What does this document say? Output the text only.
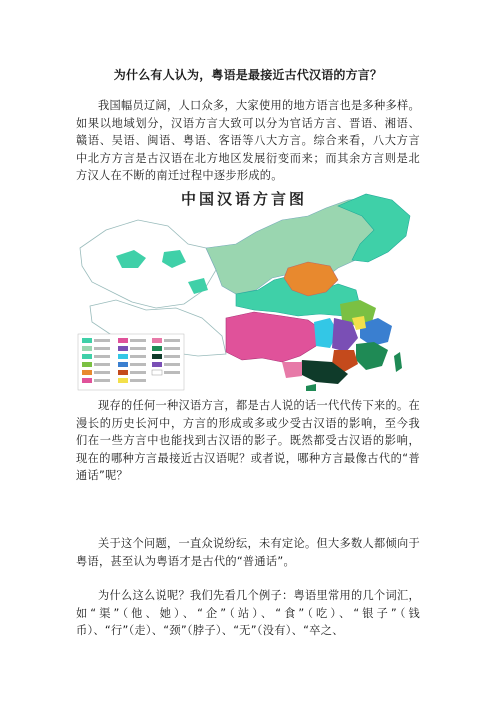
为什么有人认为，粤语是最接近古代汉语的方言？

我国幅员辽阔，人口众多，大家使用的地方语言也是多种多样。如果以地域划分，汉语方言大致可以分为官话方言、晋语、湘语、赣语、吴语、闽语、粤语、客语等八大方言。综合来看，八大方言中北方方言是古汉语在北方地区发展衍变而来；而其余方言则是北方汉人在不断的南迁过程中逐步形成的。

中国汉语方言图

现存的任何一种汉语方言，都是古人说的话一代代传下来的。在漫长的历史长河中，方言的形成或多或少受古汉语的影响，至今我们在一些方言中也能找到古汉语的影子。既然都受古汉语的影响，现在的哪种方言最接近古汉语呢？或者说，哪种方言最像古代的“普通话”呢？

关于这个问题，一直众说纷纭，未有定论。但大多数人都倾向于粤语，甚至认为粤语才是古代的“普通话”。

为什么这么说呢？我们先看几个例子：粤语里常用的几个词汇，如“渠”（他、她）、“企”（站）、“食”（吃）、“银子”（钱币）、“行”（走）、“颈”（脖子）、“无”（没有）、“卒之、
